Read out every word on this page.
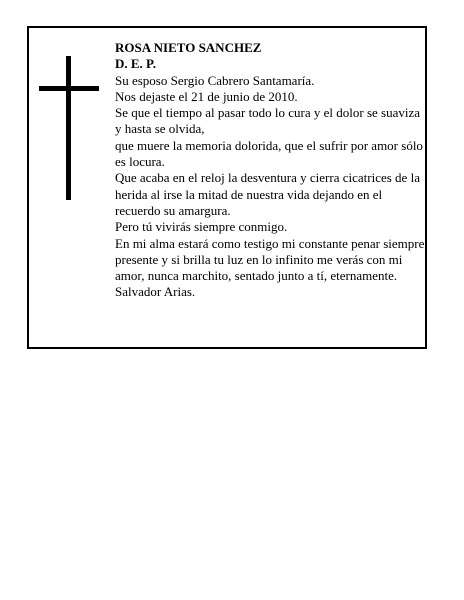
ROSA NIETO SANCHEZ
D. E. P.
Su esposo Sergio Cabrero Santamaría.
Nos dejaste el 21 de junio de 2010.
Se que el tiempo al pasar todo lo cura y el dolor se suaviza y hasta se olvida,
que muere la memoria dolorida, que el sufrir por amor sólo es locura.
Que acaba en el reloj la desventura y cierra cicatrices de la herida al irse la mitad de nuestra vida dejando en el recuerdo su amargura.
Pero tú vivirás siempre conmigo.
En mi alma estará como testigo mi constante penar siempre presente y si brilla tu luz en lo infinito me verás con mi amor, nunca marchito, sentado junto a tí, eternamente.
Salvador Arias.
